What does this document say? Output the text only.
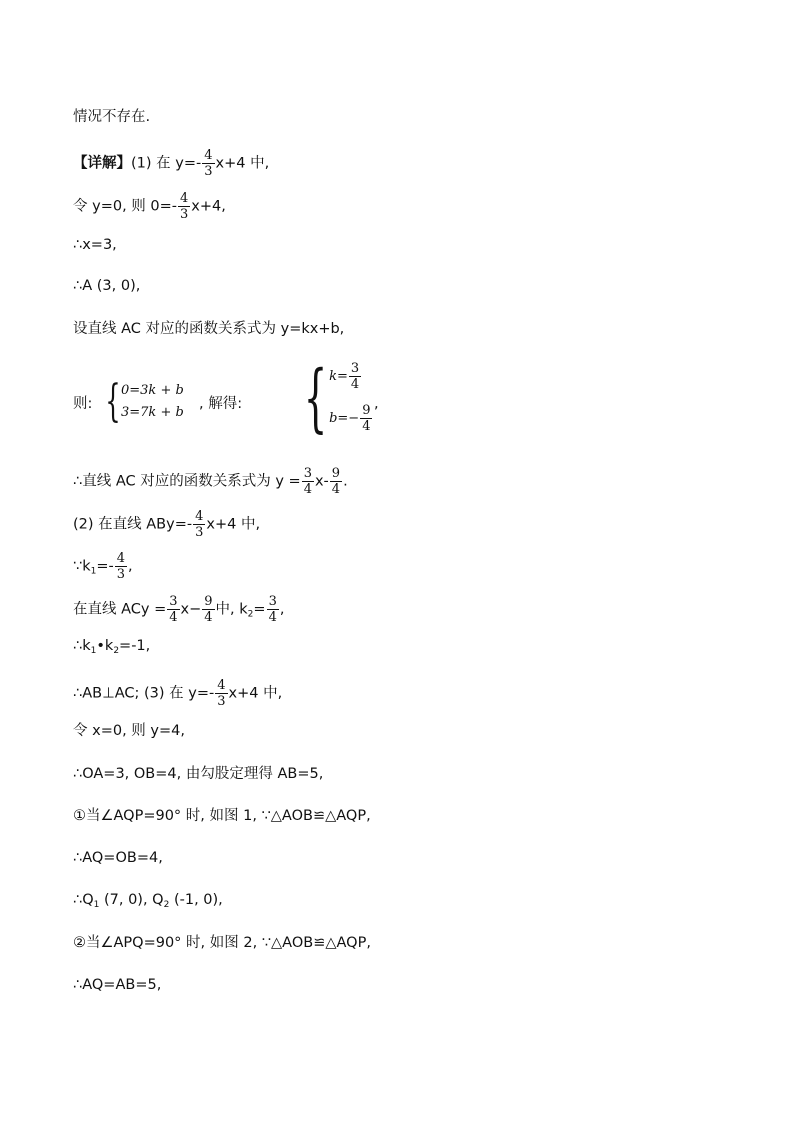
情况不存在.
【详解】(1) 在 $y=- \frac{4}{3} x+4$ 中,
令 y=0, 则 $0=- \frac{4}{3} x+4$,
∴x=3,
∴A (3, 0),
设直线 AC 对应的函数关系式为 y=kx+b,
则: { 0=3k + b
3=7k + b
, 解得: { $k= \frac{3}{4}$
$b=- \frac{9}{4}$ ,
∴直线 AC 对应的函数关系式为 $y = \frac{3}{4} x- \frac{9}{4}$ .
(2) 在直线 $ABy=- \frac{4}{3} x+4$ 中,
$\because k_1=- \frac{4}{3}$ ,
在直线 ACy = $\frac{3}{4} x- \frac{9}{4}$ 中, $k_2= \frac{3}{4}$ ,
$\therefore k_1•k_2=-1$,
∴AB⊥AC; (3) 在 $y=- \frac{4}{3} x+4$ 中,
令 x=0, 则 y=4,
∴OA=3, OB=4, 由勾股定理得 AB=5,
①当∠AQP=90° 时, 如图 1, ∵△AOB≌△AQP,
∴AQ=OB=4,
$\therefore Q_1$ (7, 0), $Q_2$ (-1, 0),
②当∠APQ=90° 时, 如图 2, ∵△AOB≌△AQP,
∴AQ=AB=5,
